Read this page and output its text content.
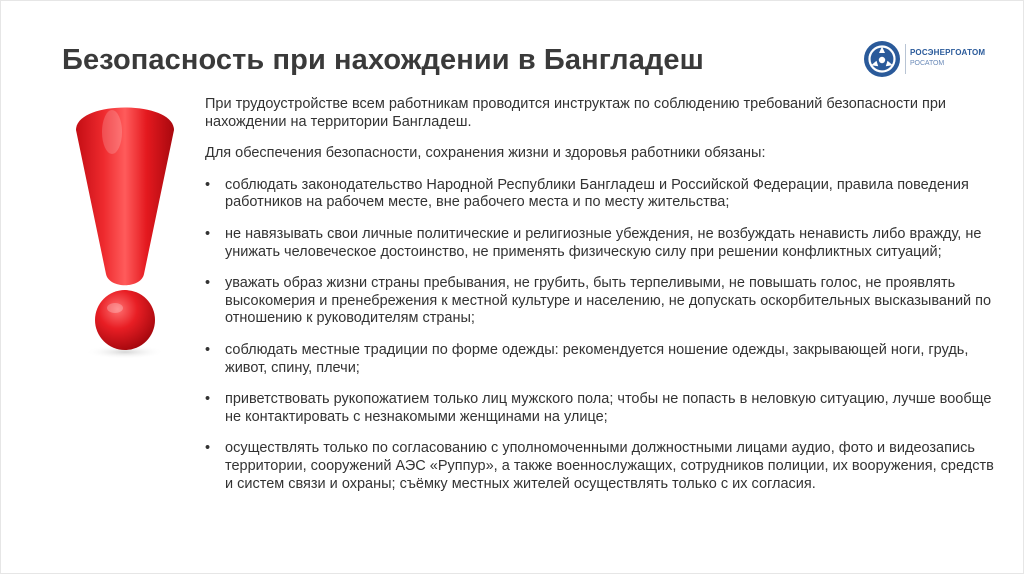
Безопасность при нахождении в Бангладеш	РОСЭНЕРГОАТОМ
РОСАТОМ

При трудоустройстве всем работникам проводится инструктаж по соблюдению требований безопасности при нахождении на территории Бангладеш.

Для обеспечения безопасности, сохранения жизни и здоровья работники обязаны:

•	соблюдать законодательство Народной Республики Бангладеш и Российской Федерации, правила поведения работников на рабочем месте, вне рабочего места и по месту жительства;
•	не навязывать свои личные политические и религиозные убеждения, не возбуждать ненависть либо вражду, не унижать человеческое достоинство, не применять физическую силу при решении конфликтных ситуаций;
•	уважать образ жизни страны пребывания, не грубить, быть терпеливыми, не повышать голос, не проявлять высокомерия и пренебрежения к местной культуре и населению, не допускать оскорбительных высказываний по отношению к руководителям страны;
•	соблюдать местные традиции по форме одежды: рекомендуется ношение одежды, закрывающей ноги, грудь, живот, спину, плечи;
•	приветствовать рукопожатием только лиц мужского пола; чтобы не попасть в неловкую ситуацию, лучше вообще не контактировать с незнакомыми женщинами на улице;
•	осуществлять только по согласованию с уполномоченными должностными лицами аудио, фото и видеозапись территории, сооружений АЭС «Руппур», а также военнослужащих, сотрудников полиции, их вооружения, средств и систем связи и охраны; съёмку местных жителей осуществлять только с их согласия.
